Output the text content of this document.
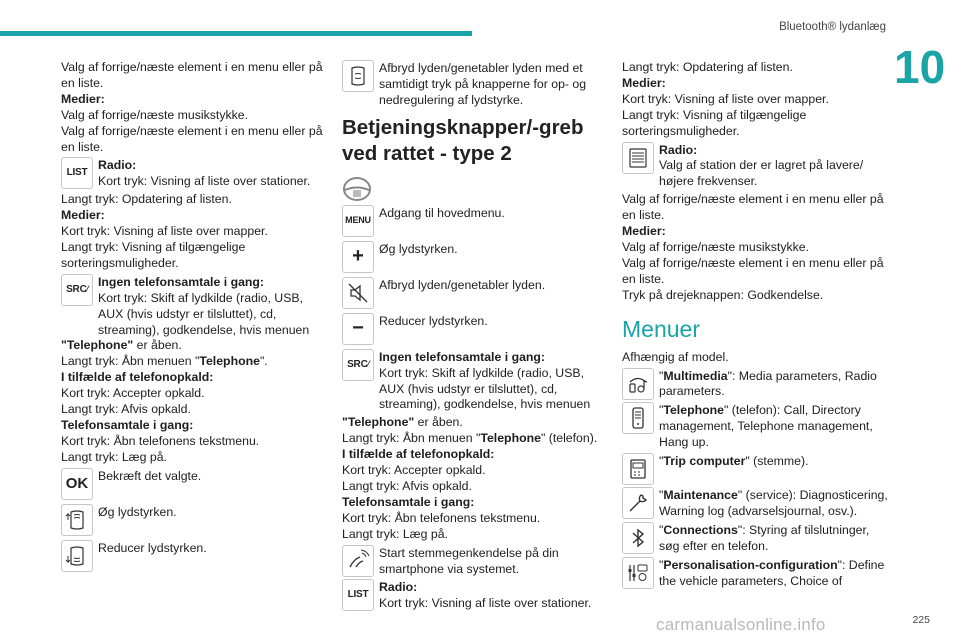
Bluetooth® lydanlæg
10

Valg af forrige/næste element i en menu eller på en liste.

Medier:

Valg af forrige/næste musikstykke.

Valg af forrige/næste element i en menu eller på en liste.

LIST
Radio:
Kort tryk: Visning af liste over stationer.

Langt tryk: Opdatering af listen.

Medier:

Kort tryk: Visning af liste over mapper.

Langt tryk: Visning af tilgængelige sorteringsmuligheder.

SRC ⁄
Ingen telefonsamtale i gang:
Kort tryk: Skift af lydkilde (radio, USB, AUX (hvis udstyr er tilsluttet), cd, streaming), godkendelse, hvis menuen

"Telephone" er åben.

Langt tryk: Åbn menuen "Telephone".

I tilfælde af telefonopkald:

Kort tryk: Accepter opkald.

Langt tryk: Afvis opkald.

Telefonsamtale i gang:

Kort tryk: Åbn telefonens tekstmenu.

Langt tryk: Læg på.

OK Bekræft det valgte.
Øg lydstyrken.
Reducer lydstyrken.
Afbryd lyden/genetabler lyden med et samtidigt tryk på knapperne for op- og nedregulering af lydstyrke.
Betjeningsknapper/-greb ved rattet - type 2
MENU
Adgang til hovedmenu.
+	Øg lydstyrken.
Afbryd lyden/genetabler lyden.
−	Reducer lydstyrken.
SRC ⁄
Ingen telefonsamtale i gang:
Kort tryk: Skift af lydkilde (radio, USB, AUX (hvis udstyr er tilsluttet), cd, streaming), godkendelse, hvis menuen

"Telephone" er åben.

Langt tryk: Åbn menuen "Telephone" (telefon).

I tilfælde af telefonopkald:

Kort tryk: Accepter opkald.

Langt tryk: Afvis opkald.

Telefonsamtale i gang:

Kort tryk: Åbn telefonens tekstmenu.

Langt tryk: Læg på.

Start stemmegenkendelse på din smartphone via systemet.
LIST
Radio:
Kort tryk: Visning af liste over stationer.

Langt tryk: Opdatering af listen.

Medier:

Kort tryk: Visning af liste over mapper.

Langt tryk: Visning af tilgængelige sorteringsmuligheder.

Radio:
Valg af station der er lagret på lavere/ højere frekvenser.

Valg af forrige/næste element i en menu eller på en liste.

Medier:

Valg af forrige/næste musikstykke.

Valg af forrige/næste element i en menu eller på en liste.

Tryk på drejeknappen: Godkendelse.

Menuer

Afhængig af model.

"Multimedia": Media parameters, Radio parameters.
"Telephone" (telefon): Call, Directory management, Telephone management, Hang up.
"Trip computer" (stemme).
"Maintenance" (service): Diagnosticering, Warning log (advarselsjournal, osv.).
"Connections": Styring af tilslutninger, søg efter en telefon.
"Personalisation-configuration": Define the vehicle parameters, Choice of
carmanualsonline.info	225
